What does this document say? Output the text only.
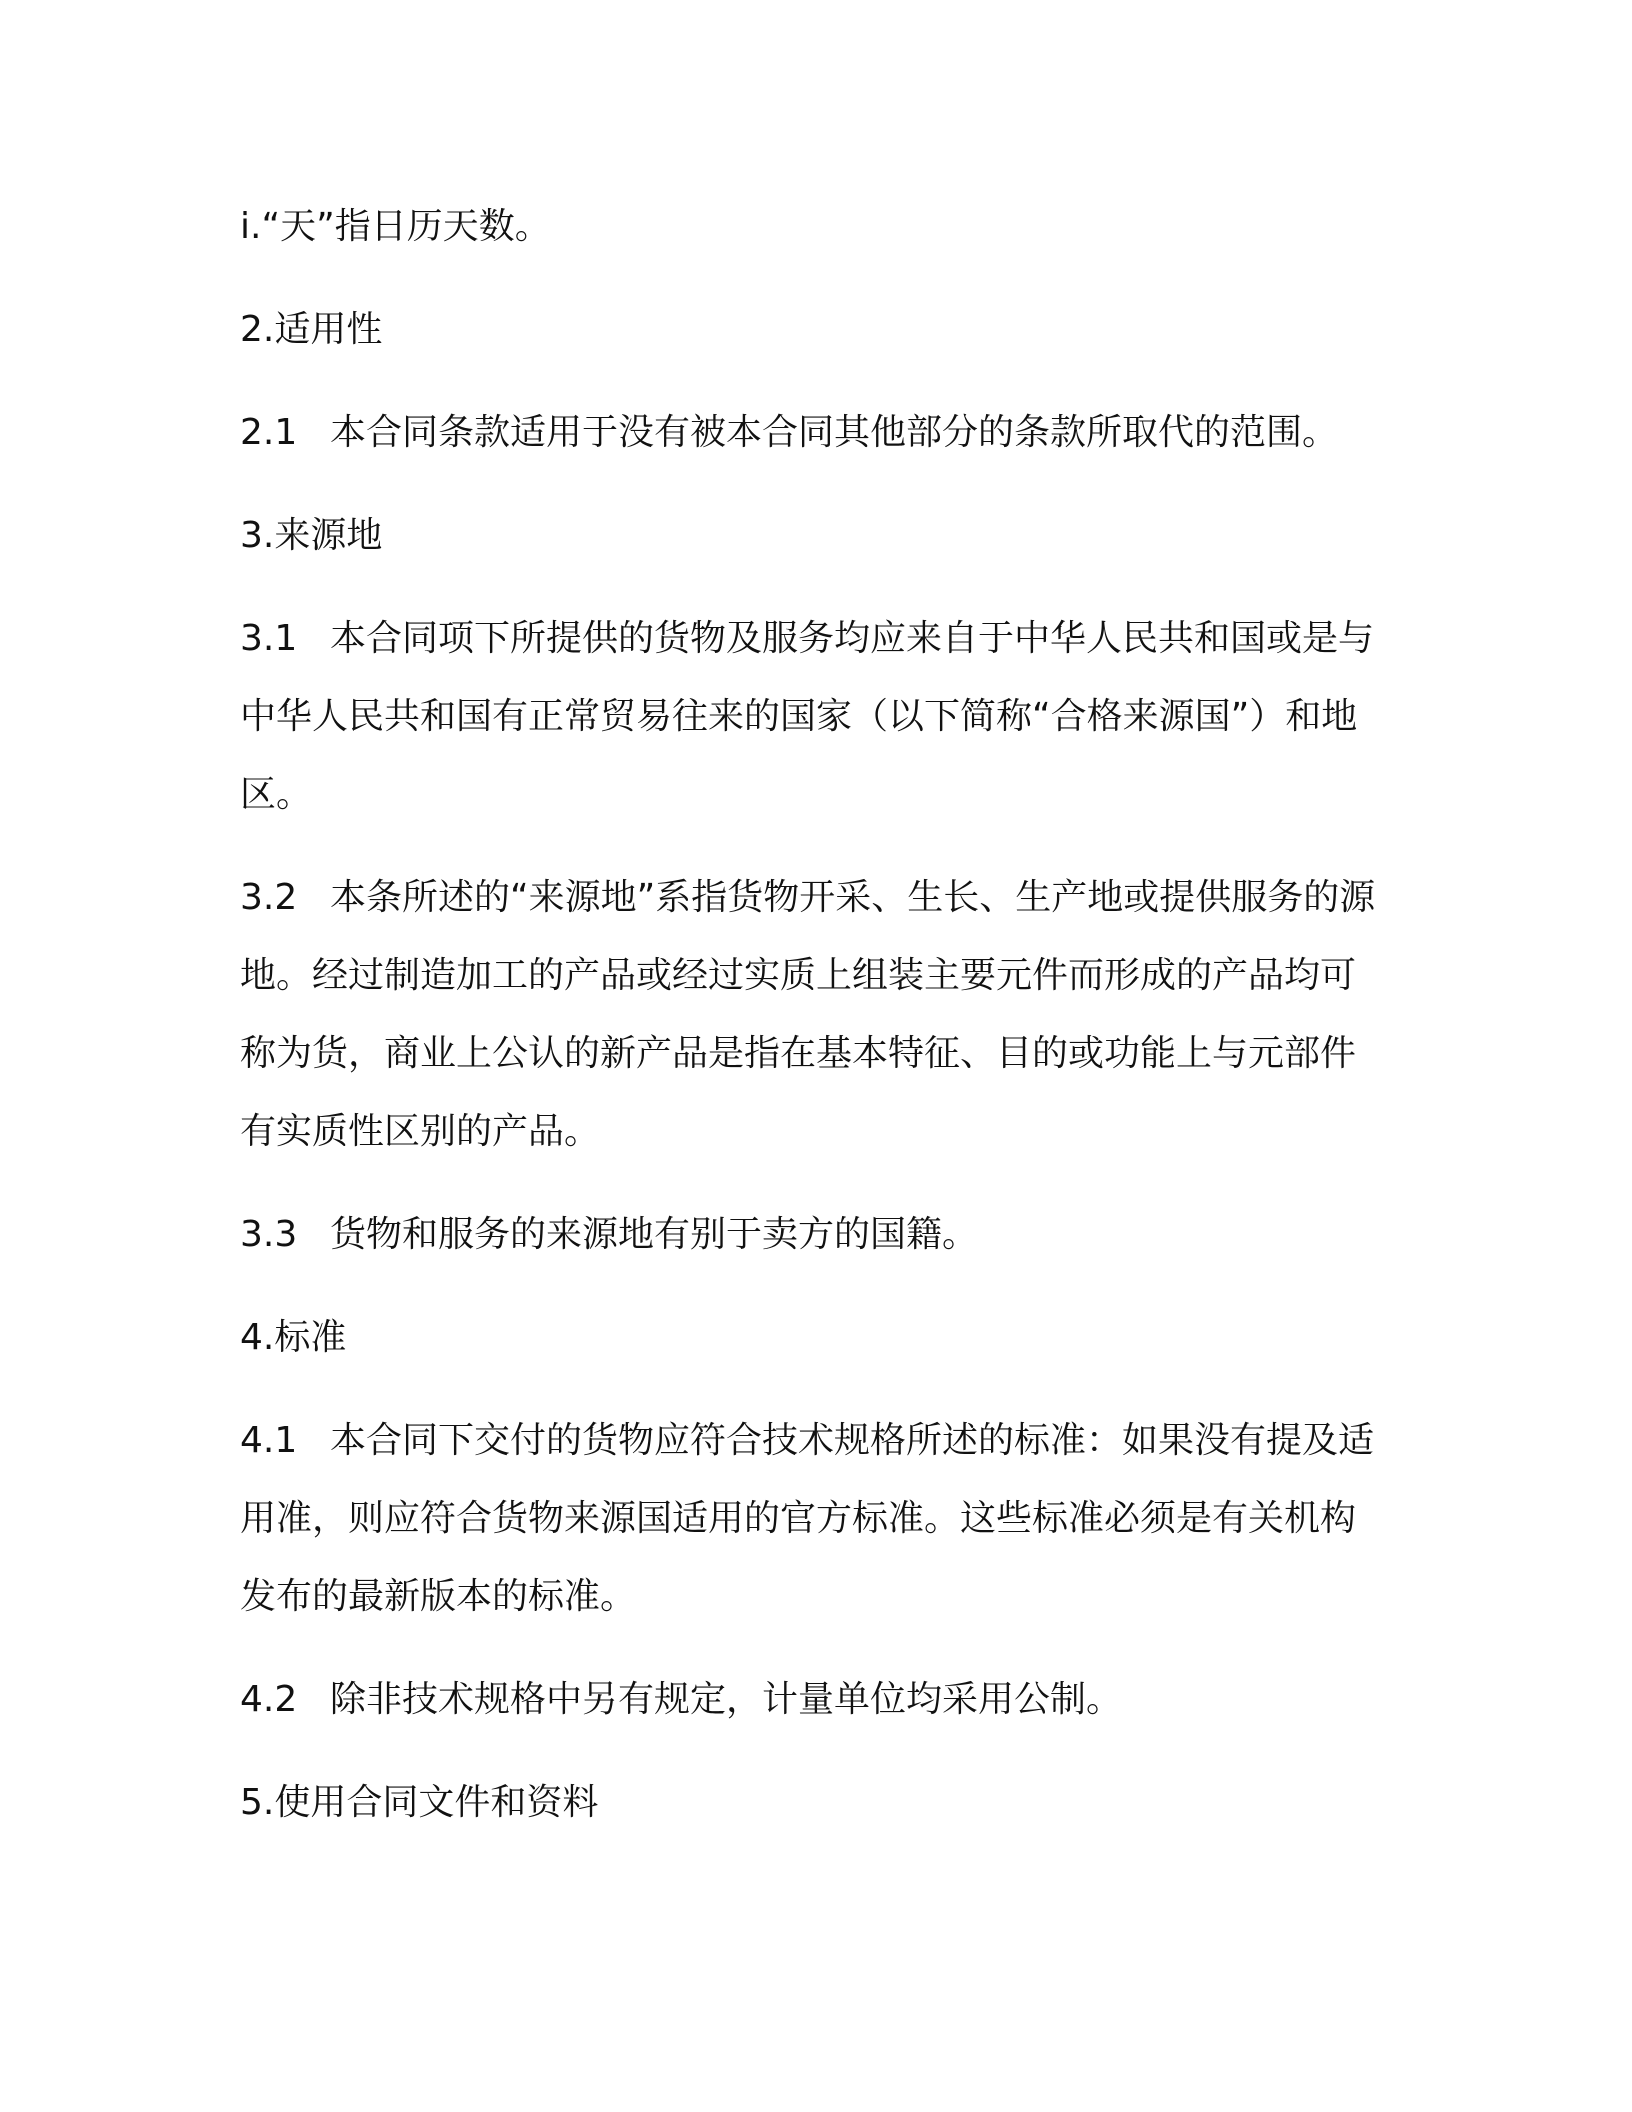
i.“天”指日历天数。

2.适用性

2.1 本合同条款适用于没有被本合同其他部分的条款所取代的范围。

3.来源地

3.1 本合同项下所提供的货物及服务均应来自于中华人民共和国或是与中华人民共和国有正常贸易往来的国家（以下简称“合格来源国”）和地区。

3.2 本条所述的“来源地”系指货物开采、生长、生产地或提供服务的源地。经过制造加工的产品或经过实质上组装主要元件而形成的产品均可称为货，商业上公认的新产品是指在基本特征、目的或功能上与元部件有实质性区别的产品。

3.3 货物和服务的来源地有别于卖方的国籍。

4.标准

4.1 本合同下交付的货物应符合技术规格所述的标准：如果没有提及适用准，则应符合货物来源国适用的官方标准。这些标准必须是有关机构发布的最新版本的标准。

4.2 除非技术规格中另有规定，计量单位均采用公制。

5.使用合同文件和资料
